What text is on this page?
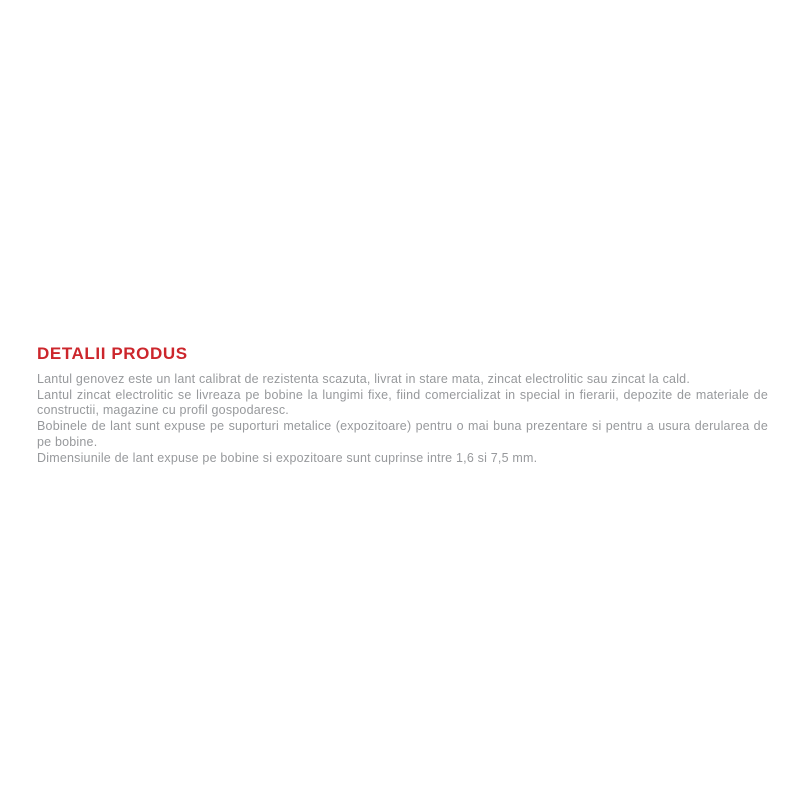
DETALII PRODUS

Lantul genovez este un lant calibrat de rezistenta scazuta, livrat in stare mata, zincat electrolitic sau zincat la cald.

Lantul zincat electrolitic se livreaza pe bobine la lungimi fixe, fiind comercializat in special in fierarii, depozite de materiale de constructii, magazine cu profil gospodaresc.

Bobinele de lant sunt expuse pe suporturi metalice (expozitoare) pentru o mai buna prezentare si pentru a usura derularea de pe bobine.

Dimensiunile de lant expuse pe bobine si expozitoare sunt cuprinse intre 1,6 si 7,5 mm.
